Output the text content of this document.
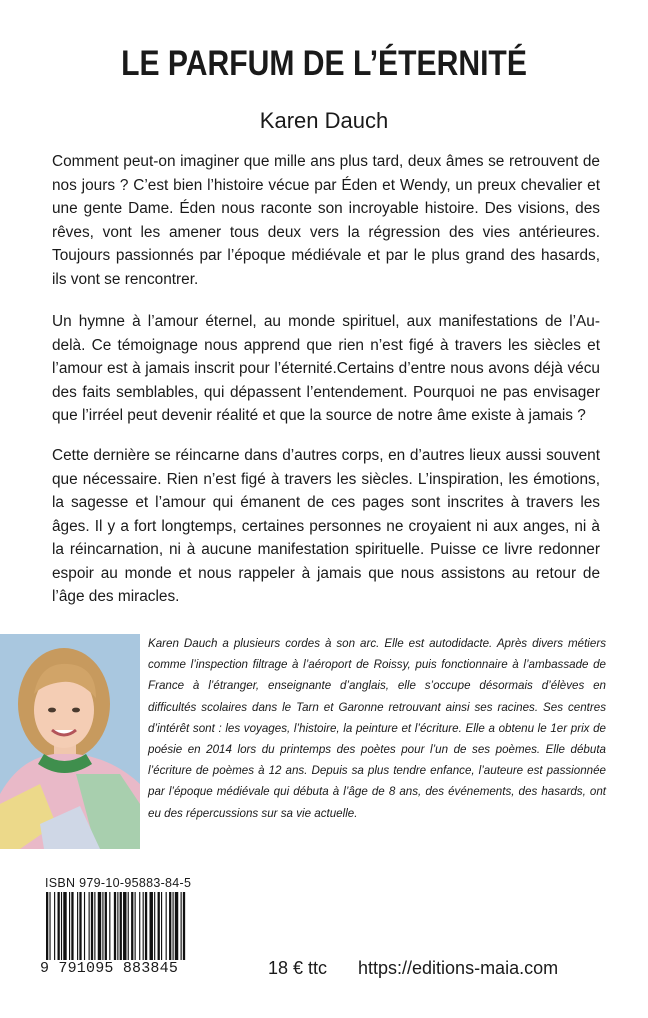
LE PARFUM DE L’ÉTERNITÉ
Karen Dauch

Comment peut-on imaginer que mille ans plus tard, deux âmes se retrouvent de nos jours ? C’est bien l’histoire vécue par Éden et Wendy, un preux chevalier et une gente Dame. Éden nous raconte son incroyable histoire. Des visions, des rêves, vont les amener tous deux vers la régression des vies antérieures. Toujours passionnés par l’époque médiévale et par le plus grand des hasards, ils vont se rencontrer.

Un hymne à l’amour éternel, au monde spirituel, aux manifestations de l’Au-delà. Ce témoignage nous apprend que rien n’est figé à travers les siècles et l’amour est à jamais inscrit pour l’éternité.Certains d’entre nous avons déjà vécu des faits semblables, qui dépassent l’entendement. Pourquoi ne pas envisager que l’irréel peut devenir réalité et que la source de notre âme existe à jamais ?

Cette dernière se réincarne dans d’autres corps, en d’autres lieux aussi souvent que nécessaire. Rien n’est figé à travers les siècles. L’inspiration, les émotions, la sagesse et l’amour qui émanent de ces pages sont inscrites à travers les âges. Il y a fort longtemps, certaines personnes ne croyaient ni aux anges, ni à la réincarnation, ni à aucune manifestation spirituelle. Puisse ce livre redonner espoir au monde et nous rappeler à jamais que nous assistons au retour de l’âge des miracles.

Karen Dauch a plusieurs cordes à son arc. Elle est autodidacte. Après divers métiers comme l’inspection filtrage à l’aéroport de Roissy, puis fonctionnaire à l’ambassade de France à l’étranger, enseignante d’anglais, elle s’occupe désormais d’élèves en difficultés scolaires dans le Tarn et Garonne retrouvant ainsi ses racines. Ses centres d’intérêt sont : les voyages, l’histoire, la peinture et l’écriture. Elle a obtenu le 1er prix de poésie en 2014 lors du printemps des poètes pour l’un de ses poèmes. Elle débuta l’écriture de poèmes à 12 ans. Depuis sa plus tendre enfance, l’auteure est passionnée par l’époque médiévale qui débuta à l’âge de 8 ans, des événements, des hasards, ont eu des répercussions sur sa vie actuelle.

ISBN 979-10-95883-84-5
9 791095 883845	18 € ttc https://editions-maia.com
